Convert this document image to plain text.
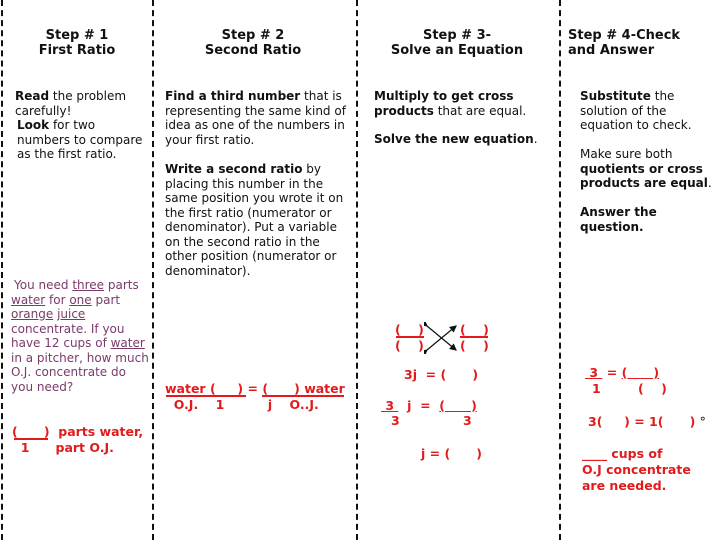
Step # 1
First Ratio
Read the problem carefully!
Look for two numbers to compare as the first ratio.
You need three parts water for one part orange juice concentrate. If you have 12 cups of water in a pitcher, how much O.J. concentrate do you need?
(      )  parts water,
1      part O.J.
Step # 2
Second Ratio
Find a third number that is representing the same kind of idea as one of the numbers in your first ratio.
Write a second ratio by placing this number in the same position you wrote it on the first ratio (numerator or denominator). Put a variable on the second ratio in the other position (numerator or denominator).
water (     ) = (      ) water
O.J.    1          j    O..J.
Step # 3-
Solve an Equation
Multiply to get cross products that are equal.
Solve the new equation.
(    )
(    )
(    )
(    )
3j  = (      )
3   j  =  (      )
3	3
j = (      )
Step # 4-Check
and Answer
Substitute the solution of the equation to check.
Make sure both quotients or cross products are equal.
Answer the question.
3  = (      )
1	(    )
3(     ) = 1(      ) °
____ cups of
O.J concentrate
are needed.
